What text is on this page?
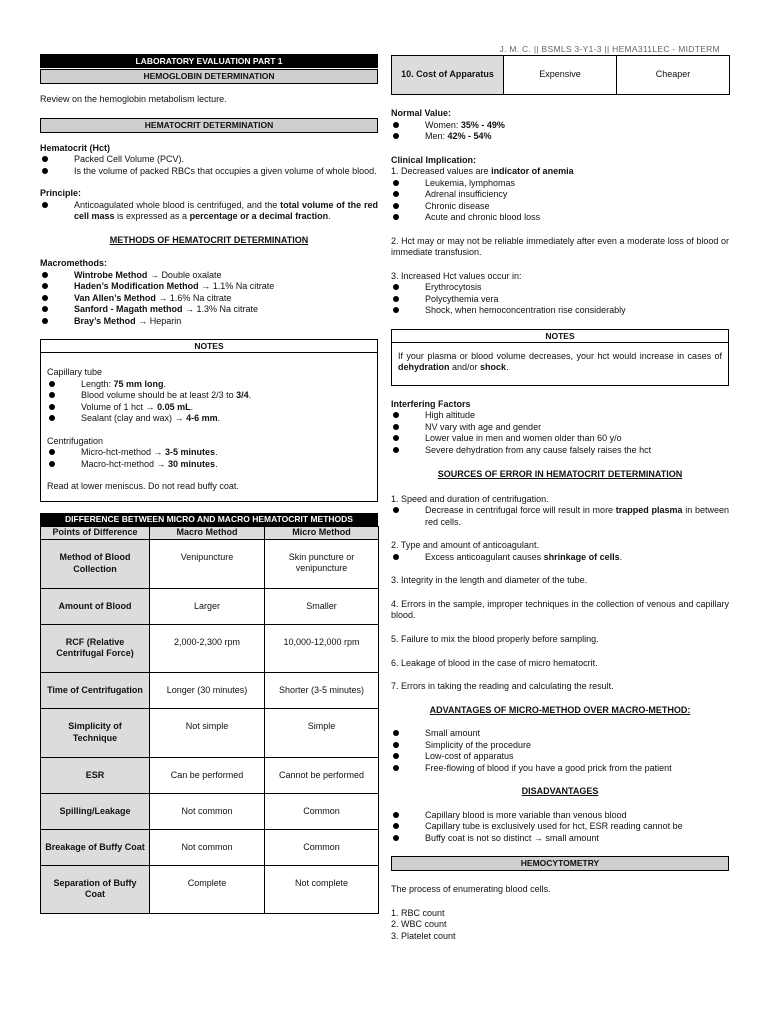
J. M. C. || BSMLS 3-Y1-3 || HEMA311LEC - MIDTERM
LABORATORY EVALUATION PART 1
HEMOGLOBIN DETERMINATION

Review on the hemoglobin metabolism lecture.

HEMATOCRIT DETERMINATION

Hematocrit (Hct)

Packed Cell Volume (PCV).
Is the volume of packed RBCs that occupies a given volume of whole blood.

Principle:

Anticoagulated whole blood is centrifuged, and the total volume of the red cell mass is expressed as a percentage or a decimal fraction.

METHODS OF HEMATOCRIT DETERMINATION

Macromethods:

Wintrobe Method → Double oxalate
Haden’s Modification Method → 1.1% Na citrate
Van Allen’s Method → 1.6% Na citrate
Sanford - Magath method → 1.3% Na citrate
Bray’s Method → Heparin
NOTES

Capillary tube

Length: 75 mm long.
Blood volume should be at least 2/3 to 3/4.
Volume of 1 hct → 0.05 mL.
Sealant (clay and wax) → 4-6 mm.

Centrifugation

Micro-hct-method → 3-5 minutes.
Macro-hct-method → 30 minutes.

Read at lower meniscus. Do not read buffy coat.

DIFFERENCE BETWEEN MICRO AND MACRO HEMATOCRIT METHODS
Points of Difference	Macro Method	Micro Method
Method of Blood Collection	Venipuncture	Skin puncture or venipuncture
Amount of Blood	Larger	Smaller
RCF (Relative Centrifugal Force)	2,000-2,300 rpm	10,000-12,000 rpm
Time of Centrifugation	Longer (30 minutes)	Shorter (3-5 minutes)
Simplicity of Technique	Not simple	Simple
ESR	Can be performed	Cannot be performed
Spilling/Leakage	Not common	Common
Breakage of Buffy Coat	Not common	Common
Separation of Buffy Coat	Complete	Not complete
10. Cost of Apparatus	Expensive	Cheaper

Normal Value:

Women: 35% - 49%
Men: 42% - 54%

Clinical Implication:

1. Decreased values are indicator of anemia

Leukemia, lymphomas
Adrenal insufficiency
Chronic disease
Acute and chronic blood loss

2. Hct may or may not be reliable immediately after even a moderate loss of blood or immediate transfusion.

3. Increased Hct values occur in:

Erythrocytosis
Polycythemia vera
Shock, when hemoconcentration rise considerably
NOTES

If your plasma or blood volume decreases, your hct would increase in cases of dehydration and/or shock.

Interfering Factors

High altitude
NV vary with age and gender
Lower value in men and women older than 60 y/o
Severe dehydration from any cause falsely raises the hct

SOURCES OF ERROR IN HEMATOCRIT DETERMINATION

1. Speed and duration of centrifugation.

Decrease in centrifugal force will result in more trapped plasma in between red cells.

2. Type and amount of anticoagulant.

Excess anticoagulant causes shrinkage of cells.

3. Integrity in the length and diameter of the tube.

4. Errors in the sample, improper techniques in the collection of venous and capillary blood.

5. Failure to mix the blood properly before sampling.

6. Leakage of blood in the case of micro hematocrit.

7. Errors in taking the reading and calculating the result.

ADVANTAGES OF MICRO-METHOD OVER MACRO-METHOD:

Small amount
Simplicity of the procedure
Low-cost of apparatus
Free-flowing of blood if you have a good prick from the patient

DISADVANTAGES

Capillary blood is more variable than venous blood
Capillary tube is exclusively used for hct, ESR reading cannot be
Buffy coat is not so distinct → small amount
HEMOCYTOMETRY

The process of enumerating blood cells.

1. RBC count

2. WBC count

3. Platelet count
